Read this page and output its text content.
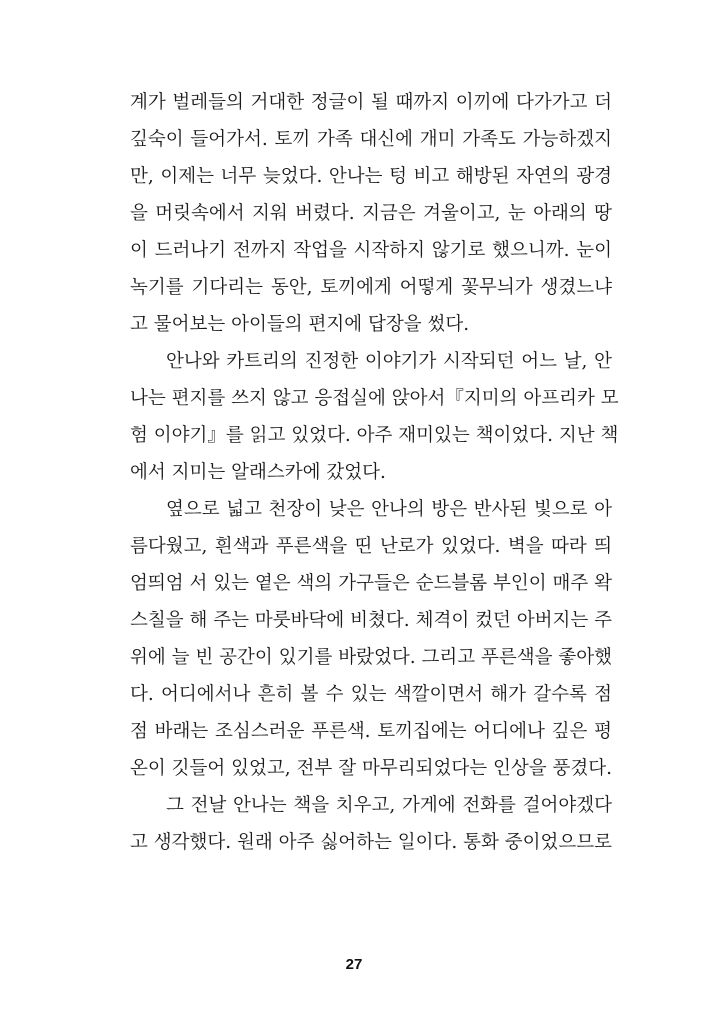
계가 벌레들의 거대한 정글이 될 때까지 이끼에 다가가고 더
깊숙이 들어가서. 토끼 가족 대신에 개미 가족도 가능하겠지
만, 이제는 너무 늦었다. 안나는 텅 비고 해방된 자연의 광경
을 머릿속에서 지워 버렸다. 지금은 겨울이고, 눈 아래의 땅
이 드러나기 전까지 작업을 시작하지 않기로 했으니까. 눈이
녹기를 기다리는 동안, 토끼에게 어떻게 꽃무늬가 생겼느냐
고 물어보는 아이들의 편지에 답장을 썼다.
안나와 카트리의 진정한 이야기가 시작되던 어느 날, 안
나는 편지를 쓰지 않고 응접실에 앉아서『지미의 아프리카 모
험 이야기』를 읽고 있었다. 아주 재미있는 책이었다. 지난 책
에서 지미는 알래스카에 갔었다.
옆으로 넓고 천장이 낮은 안나의 방은 반사된 빛으로 아
름다웠고, 흰색과 푸른색을 띤 난로가 있었다. 벽을 따라 띄
엄띄엄 서 있는 옅은 색의 가구들은 순드블롬 부인이 매주 왁
스칠을 해 주는 마룻바닥에 비쳤다. 체격이 컸던 아버지는 주
위에 늘 빈 공간이 있기를 바랐었다. 그리고 푸른색을 좋아했
다. 어디에서나 흔히 볼 수 있는 색깔이면서 해가 갈수록 점
점 바래는 조심스러운 푸른색. 토끼집에는 어디에나 깊은 평
온이 깃들어 있었고, 전부 잘 마무리되었다는 인상을 풍겼다.
그 전날 안나는 책을 치우고, 가게에 전화를 걸어야겠다
고 생각했다. 원래 아주 싫어하는 일이다. 통화 중이었으므로
27
